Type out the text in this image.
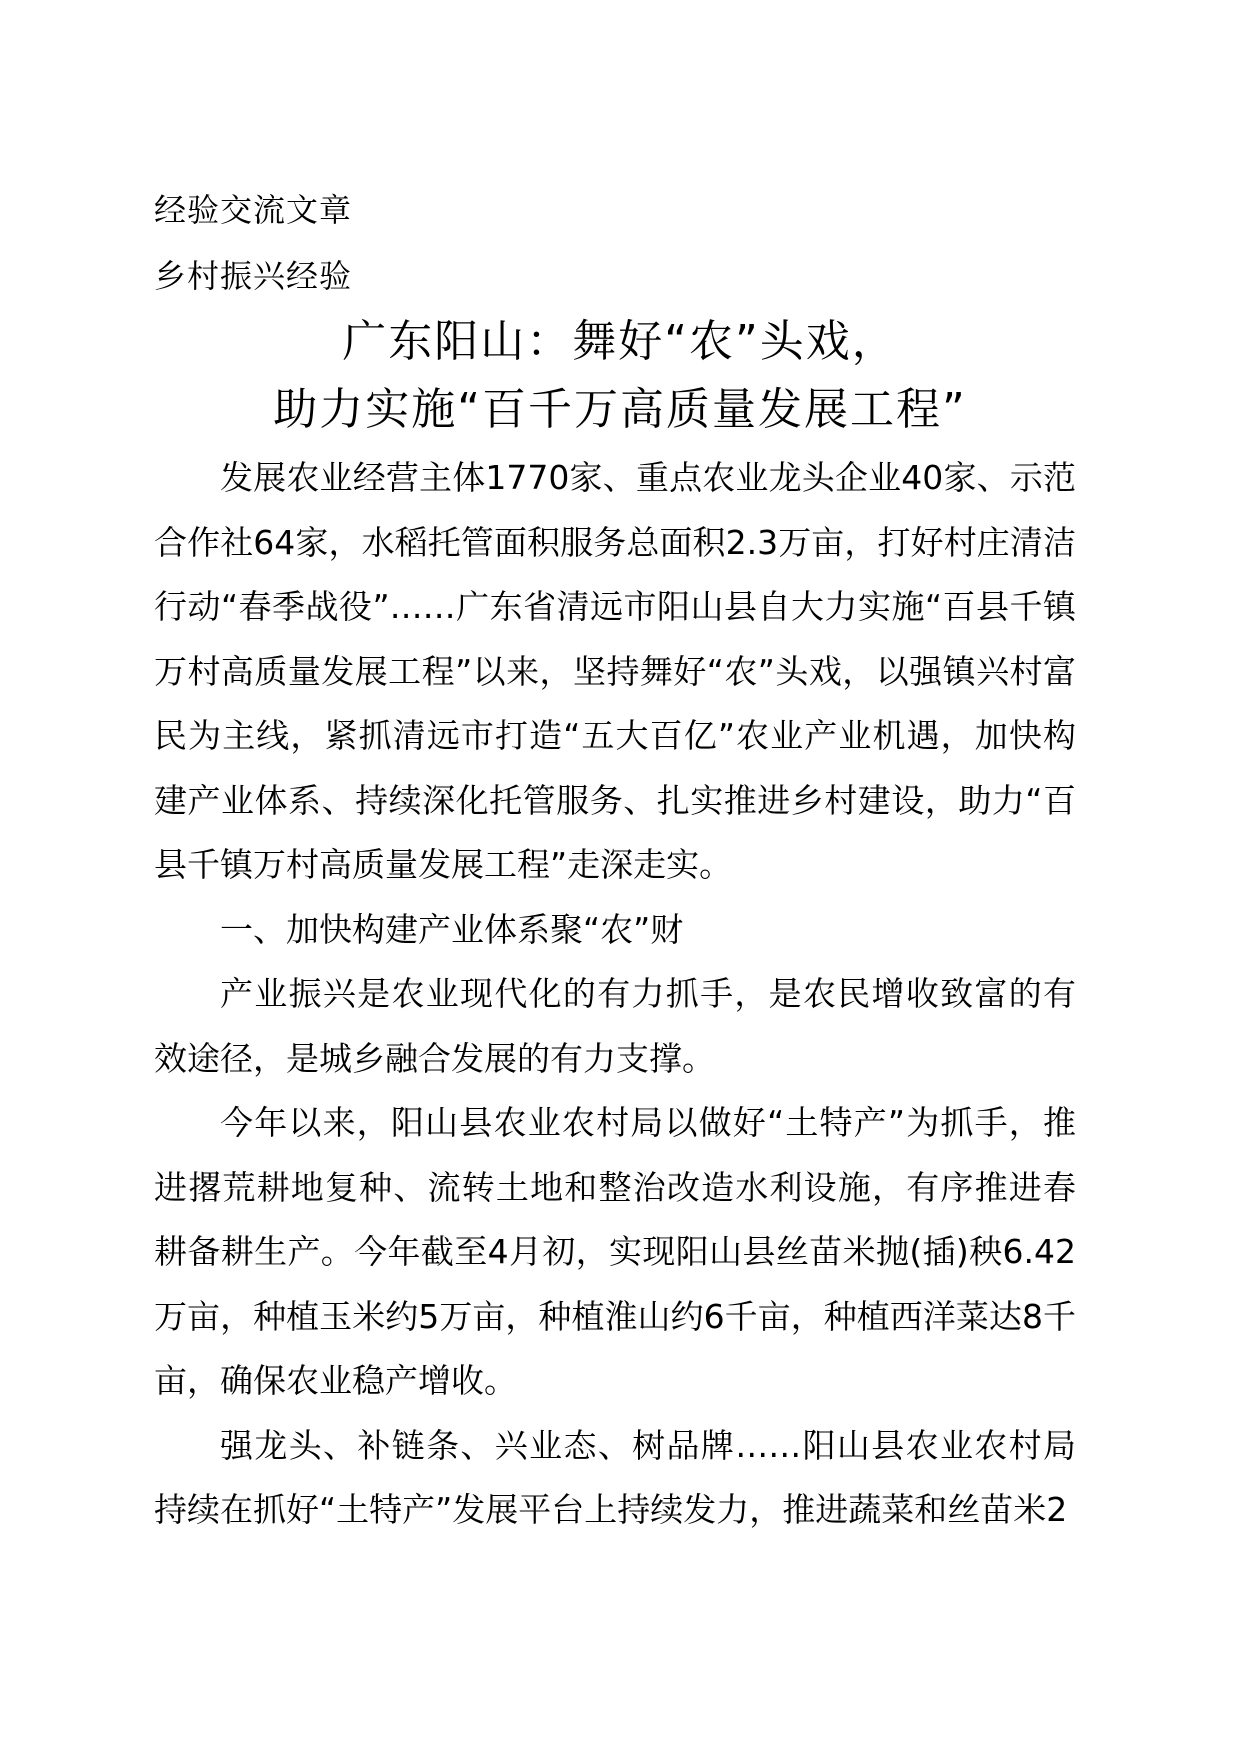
经验交流文章
乡村振兴经验
广东阳山：舞好“农”头戏，
助力实施“百千万高质量发展工程”

发展农业经营主体1770家、重点农业龙头企业40家、示范合作社64家，水稻托管面积服务总面积2.3万亩，打好村庄清洁行动“春季战役”……广东省清远市阳山县自大力实施“百县千镇万村高质量发展工程”以来，坚持舞好“农”头戏，以强镇兴村富民为主线，紧抓清远市打造“五大百亿”农业产业机遇，加快构建产业体系、持续深化托管服务、扎实推进乡村建设，助力“百县千镇万村高质量发展工程”走深走实。

一、加快构建产业体系聚“农”财

产业振兴是农业现代化的有力抓手，是农民增收致富的有效途径，是城乡融合发展的有力支撑。

今年以来，阳山县农业农村局以做好“土特产”为抓手，推进撂荒耕地复种、流转土地和整治改造水利设施，有序推进春耕备耕生产。今年截至4月初，实现阳山县丝苗米抛(插)秧6.42万亩，种植玉米约5万亩，种植淮山约6千亩，种植西洋菜达8千亩，确保农业稳产增收。

强龙头、补链条、兴业态、树品牌……阳山县农业农村局持续在抓好“土特产”发展平台上持续发力，推进蔬菜和丝苗米2
